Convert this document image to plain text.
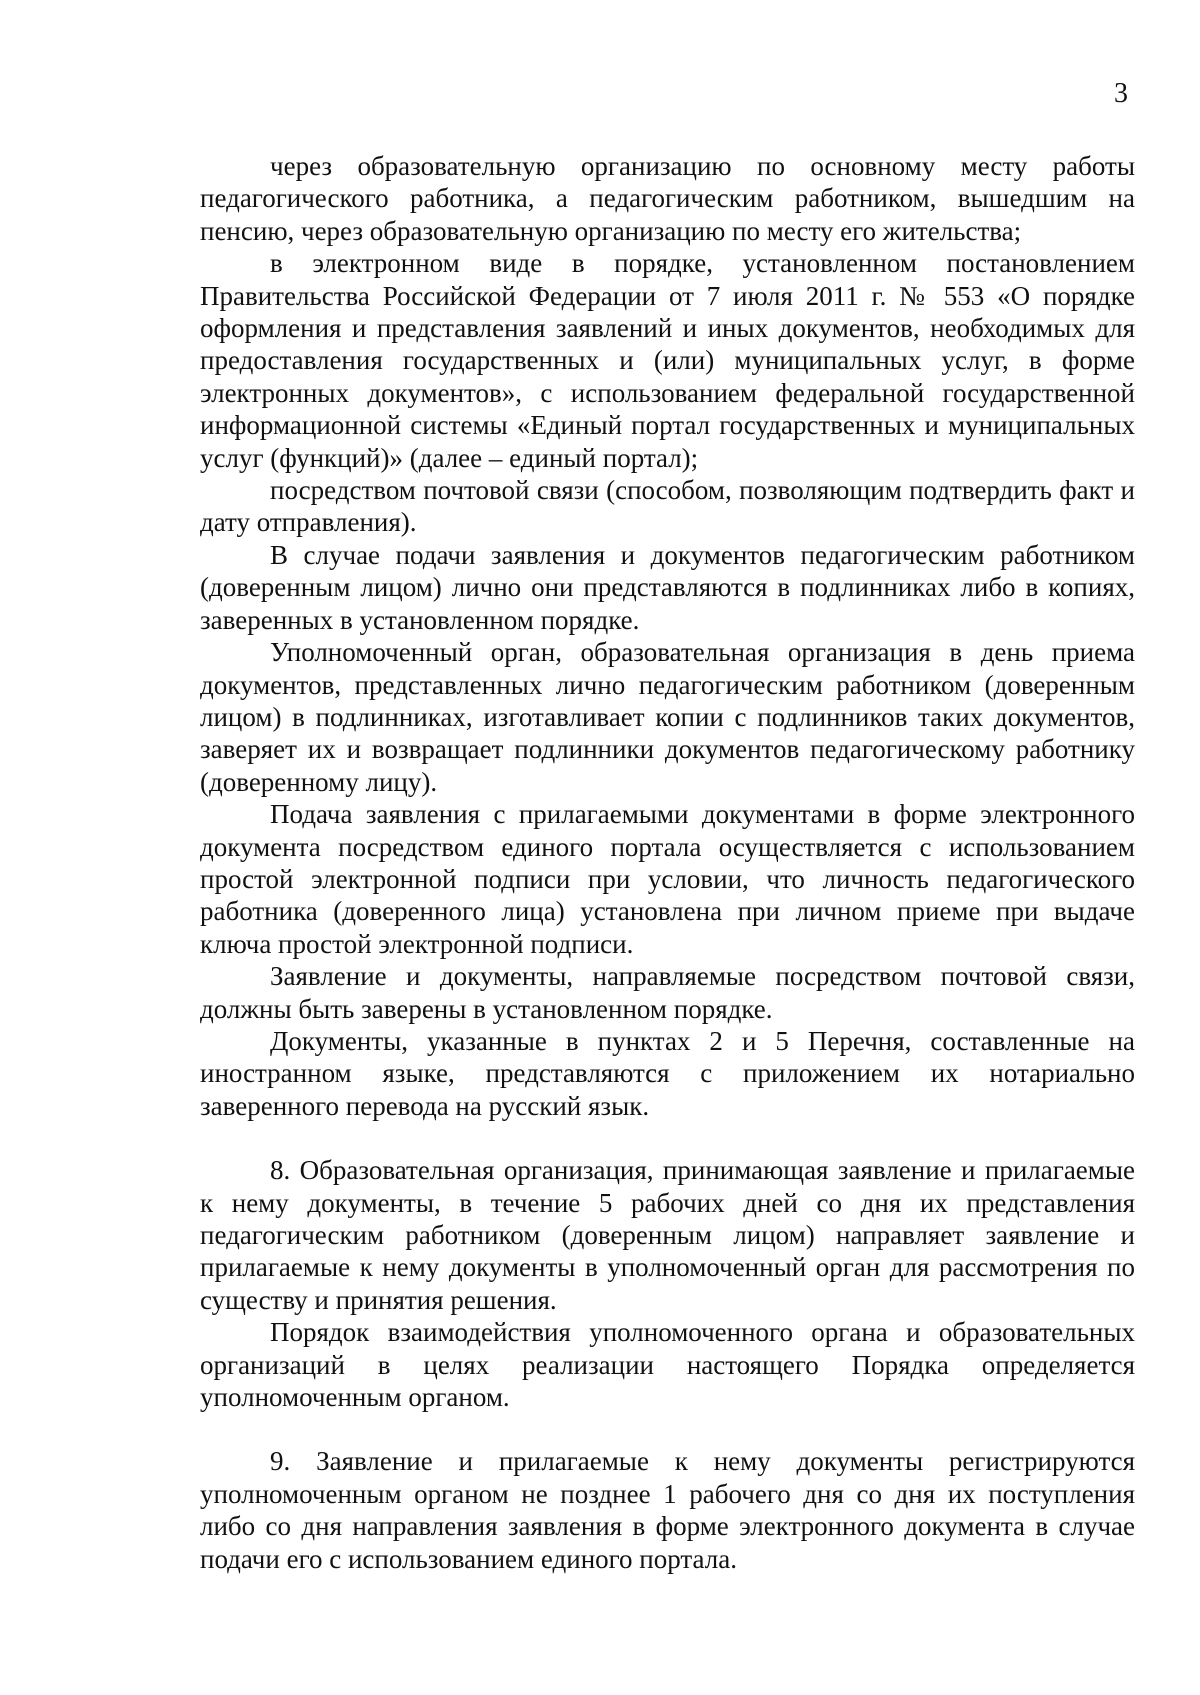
3

через образовательную организацию по основному месту работы педагогического работника, а педагогическим работником, вышедшим на пенсию, через образовательную организацию по месту его жительства;

в электронном виде в порядке, установленном постановлением Правительства Российской Федерации от 7 июля 2011 г. № 553 «О порядке оформления и представления заявлений и иных документов, необходимых для предоставления государственных и (или) муниципальных услуг, в форме электронных документов», с использованием федеральной государственной информационной системы «Единый портал государственных и муниципальных услуг (функций)» (далее – единый портал);

посредством почтовой связи (способом, позволяющим подтвердить факт и дату отправления).

В случае подачи заявления и документов педагогическим работником (доверенным лицом) лично они представляются в подлинниках либо в копиях, заверенных в установленном порядке.

Уполномоченный орган, образовательная организация в день приема документов, представленных лично педагогическим работником (доверенным лицом) в подлинниках, изготавливает копии с подлинников таких документов, заверяет их и возвращает подлинники документов педагогическому работнику (доверенному лицу).

Подача заявления с прилагаемыми документами в форме электронного документа посредством единого портала осуществляется с использованием простой электронной подписи при условии, что личность педагогического работника (доверенного лица) установлена при личном приеме при выдаче ключа простой электронной подписи.

Заявление и документы, направляемые посредством почтовой связи, должны быть заверены в установленном порядке.

Документы, указанные в пунктах 2 и 5 Перечня, составленные на иностранном языке, представляются с приложением их нотариально заверенного перевода на русский язык.

8. Образовательная организация, принимающая заявление и прилагаемые к нему документы, в течение 5 рабочих дней со дня их представления педагогическим работником (доверенным лицом) направляет заявление и прилагаемые к нему документы в уполномоченный орган для рассмотрения по существу и принятия решения.

Порядок взаимодействия уполномоченного органа и образовательных организаций в целях реализации настоящего Порядка определяется уполномоченным органом.

9. Заявление и прилагаемые к нему документы регистрируются уполномоченным органом не позднее 1 рабочего дня со дня их поступления либо со дня направления заявления в форме электронного документа в случае подачи его с использованием единого портала.
